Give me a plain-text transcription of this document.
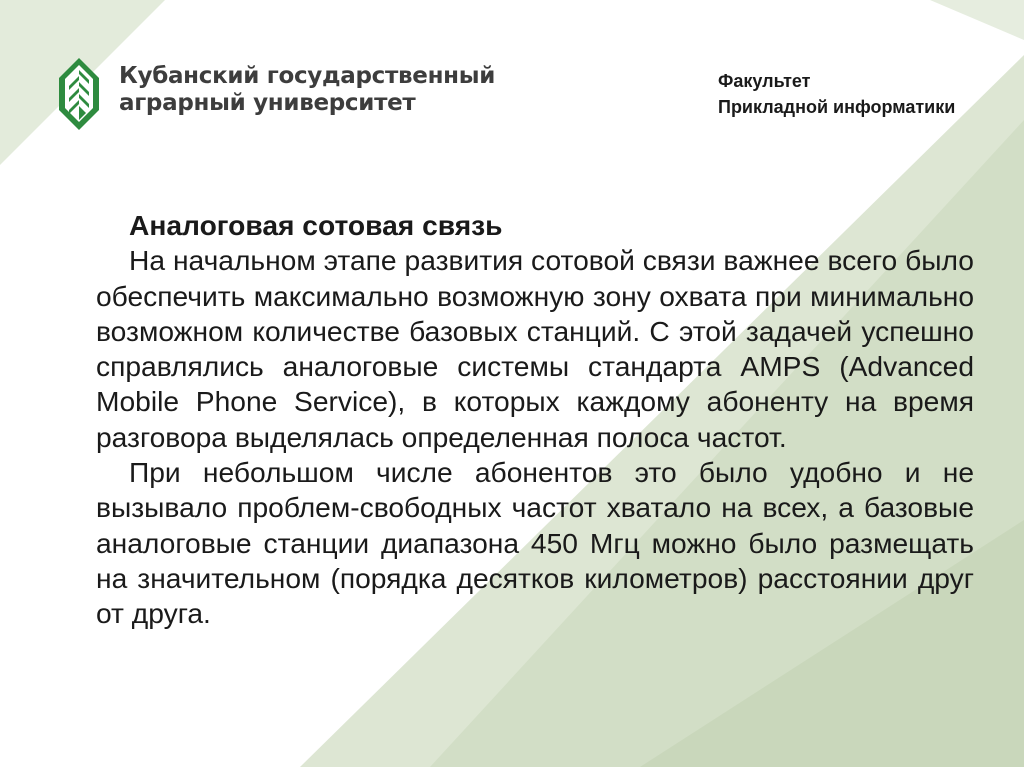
Кубанский государственный
аграрный университет
Факультет
Прикладной информатики
Аналоговая сотовая связь

На начальном этапе развития сотовой связи важнее всего было обеспечить максимально возможную зону охвата при минимально возможном количестве базовых станций. С этой задачей успешно справлялись аналоговые системы стандарта AMPS (Advanced Mobile Phone Service), в которых каждому абоненту на время разговора выделялась определенная полоса частот.

При небольшом числе абонентов это было удобно и не вызывало проблем-свободных частот хватало на всех, а базовые аналоговые станции диапазона 450 Мгц можно было размещать на значительном (порядка десятков километров) расстоянии друг от друга.
